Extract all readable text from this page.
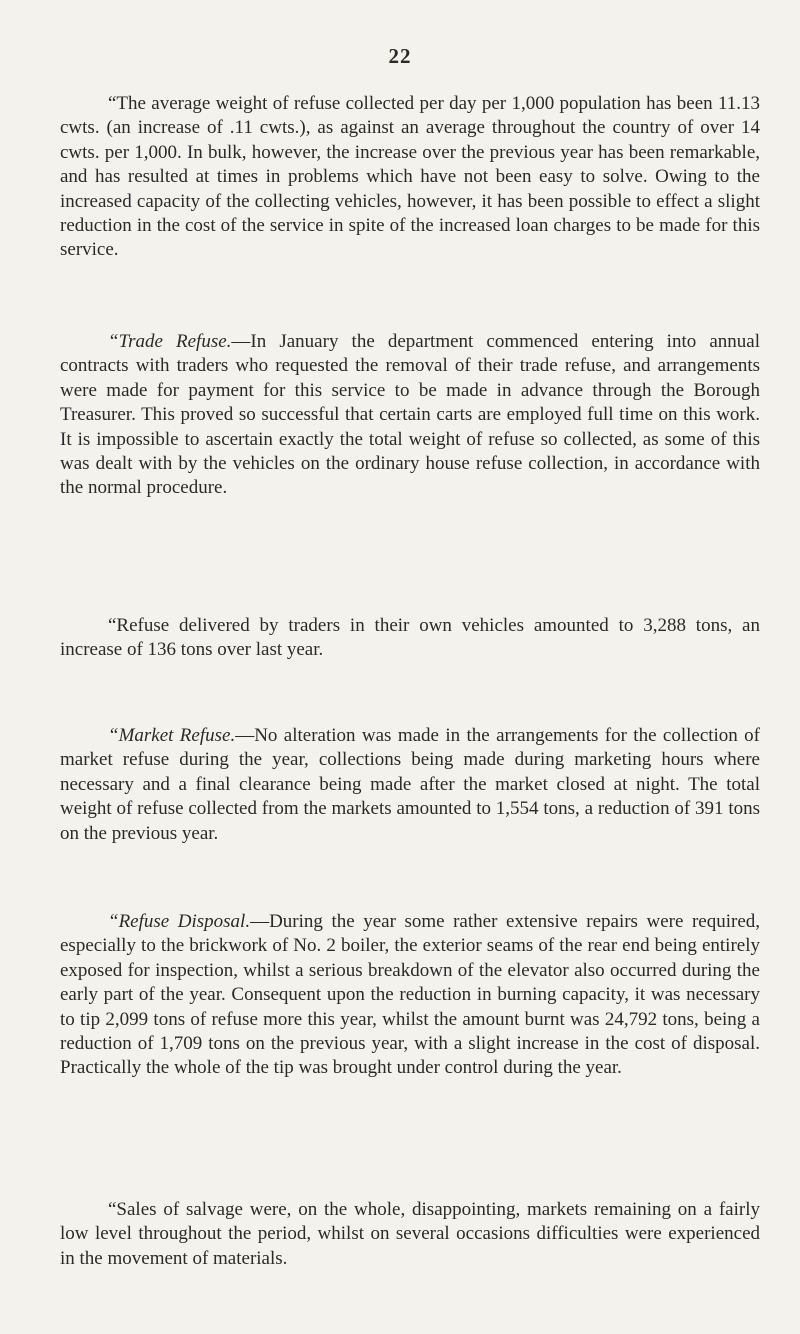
22

“The average weight of refuse collected per day per 1,000 population has been 11.13 cwts. (an increase of .11 cwts.), as against an average throughout the country of over 14 cwts. per 1,000. In bulk, however, the increase over the previous year has been remarkable, and has resulted at times in problems which have not been easy to solve. Owing to the increased capacity of the collecting vehicles, however, it has been possible to effect a slight reduction in the cost of the service in spite of the increased loan charges to be made for this service.

“Trade Refuse.—In January the department commenced entering into annual contracts with traders who requested the removal of their trade refuse, and arrangements were made for payment for this service to be made in advance through the Borough Treasurer. This proved so successful that certain carts are employed full time on this work. It is impossible to ascertain exactly the total weight of refuse so collected, as some of this was dealt with by the vehicles on the ordinary house refuse collection, in accordance with the normal procedure.

“Refuse delivered by traders in their own vehicles amounted to 3,288 tons, an increase of 136 tons over last year.

“Market Refuse.—No alteration was made in the arrangements for the collection of market refuse during the year, collections being made during marketing hours where necessary and a final clearance being made after the market closed at night. The total weight of refuse collected from the markets amounted to 1,554 tons, a reduction of 391 tons on the previous year.

“Refuse Disposal.—During the year some rather extensive repairs were required, especially to the brickwork of No. 2 boiler, the exterior seams of the rear end being entirely exposed for inspection, whilst a serious breakdown of the elevator also occurred during the early part of the year. Consequent upon the reduction in burning capacity, it was necessary to tip 2,099 tons of refuse more this year, whilst the amount burnt was 24,792 tons, being a reduction of 1,709 tons on the previous year, with a slight increase in the cost of disposal. Practically the whole of the tip was brought under control during the year.

“Sales of salvage were, on the whole, disappointing, markets remaining on a fairly low level throughout the period, whilst on several occasions difficulties were experienced in the movement of materials.
